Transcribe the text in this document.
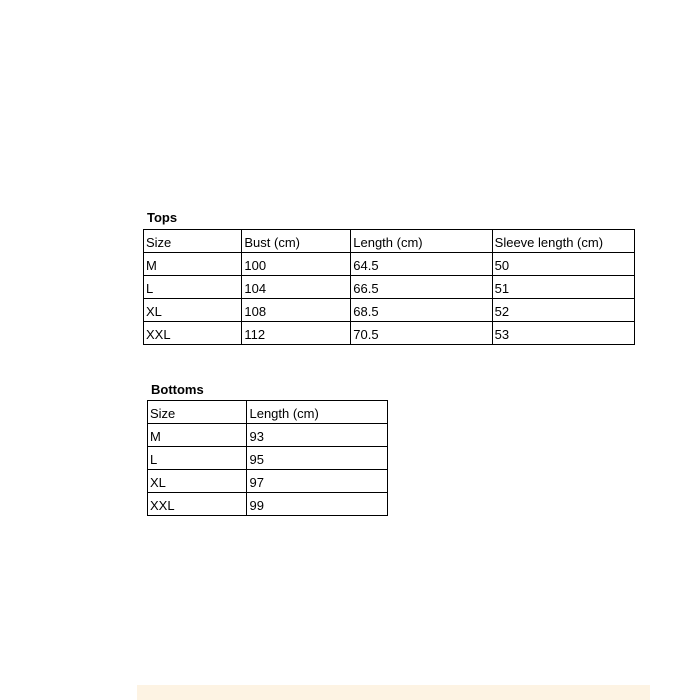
Tops
Size	Bust (cm)	Length (cm)	Sleeve length (cm)
M	100	64.5	50
L	104	66.5	51
XL	108	68.5	52
XXL	112	70.5	53
Bottoms
Size	Length (cm)
M	93
L	95
XL	97
XXL	99
